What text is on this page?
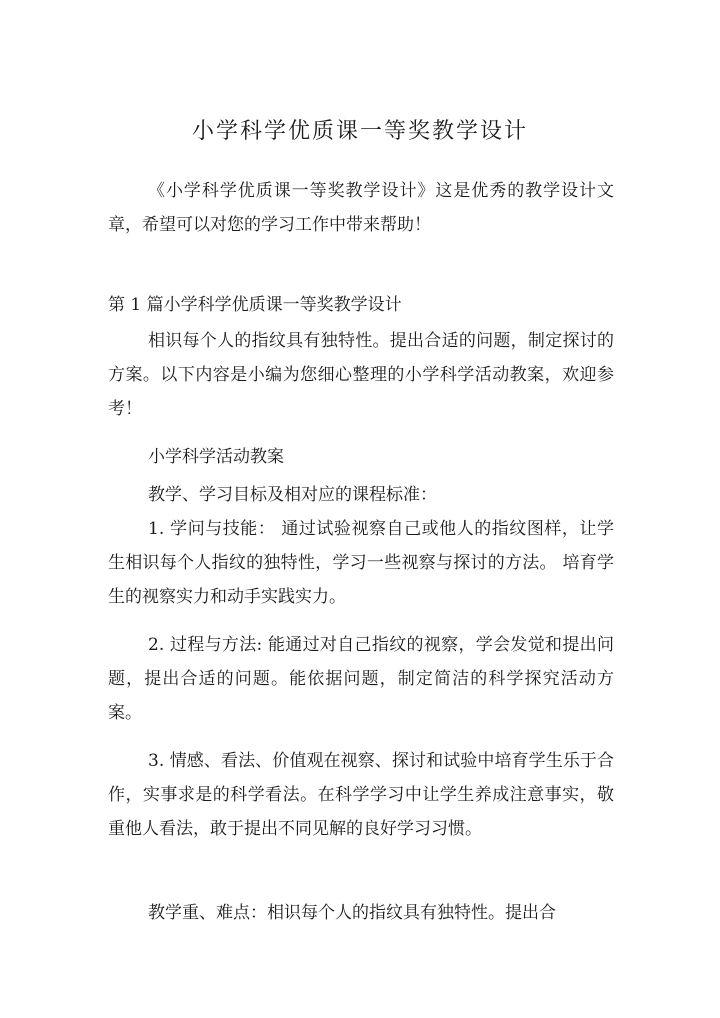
小学科学优质课一等奖教学设计

《小学科学优质课一等奖教学设计》这是优秀的教学设计文章，希望可以对您的学习工作中带来帮助！

第 1 篇小学科学优质课一等奖教学设计

相识每个人的指纹具有独特性。提出合适的问题，制定探讨的方案。以下内容是小编为您细心整理的小学科学活动教案，欢迎参考！

小学科学活动教案

教学、学习目标及相对应的课程标准：

1. 学问与技能： 通过试验视察自己或他人的指纹图样，让学生相识每个人指纹的独特性，学习一些视察与探讨的方法。 培育学生的视察实力和动手实践实力。

2. 过程与方法: 能通过对自己指纹的视察，学会发觉和提出问题，提出合适的问题。能依据问题，制定简洁的科学探究活动方案。

3. 情感、看法、价值观在视察、探讨和试验中培育学生乐于合作，实事求是的科学看法。在科学学习中让学生养成注意事实，敬重他人看法，敢于提出不同见解的良好学习习惯。

教学重、难点：相识每个人的指纹具有独特性。提出合
